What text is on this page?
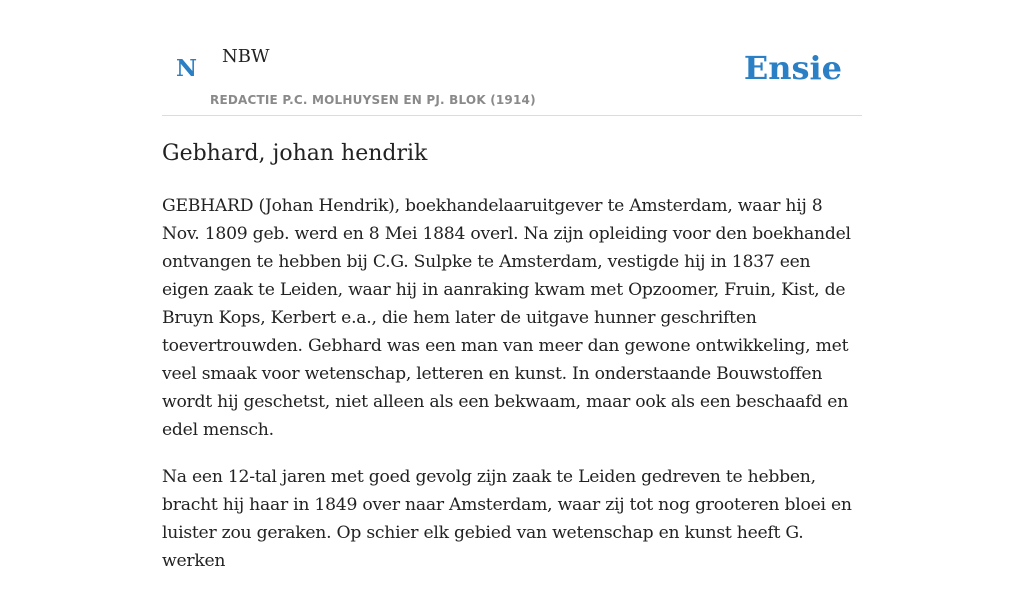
N NBW
REDACTIE P.C. MOLHUYSEN EN PJ. BLOK (1914)
Ensie
Gebhard, johan hendrik

GEBHARD (Johan Hendrik), boekhandelaaruitgever te Amsterdam, waar hij 8 Nov. 1809 geb. werd en 8 Mei 1884 overl. Na zijn opleiding voor den boekhandel ontvangen te hebben bij C.G. Sulpke te Amsterdam, vestigde hij in 1837 een eigen zaak te Leiden, waar hij in aanraking kwam met Opzoomer, Fruin, Kist, de Bruyn Kops, Kerbert e.a., die hem later de uitgave hunner geschriften toevertrouwden. Gebhard was een man van meer dan gewone ontwikkeling, met veel smaak voor wetenschap, letteren en kunst. In onderstaande Bouwstoffen wordt hij geschetst, niet alleen als een bekwaam, maar ook als een beschaafd en edel mensch.

Na een 12-tal jaren met goed gevolg zijn zaak te Leiden gedreven te hebben, bracht hij haar in 1849 over naar Amsterdam, waar zij tot nog grooteren bloei en luister zou geraken. Op schier elk gebied van wetenschap en kunst heeft G. werken
